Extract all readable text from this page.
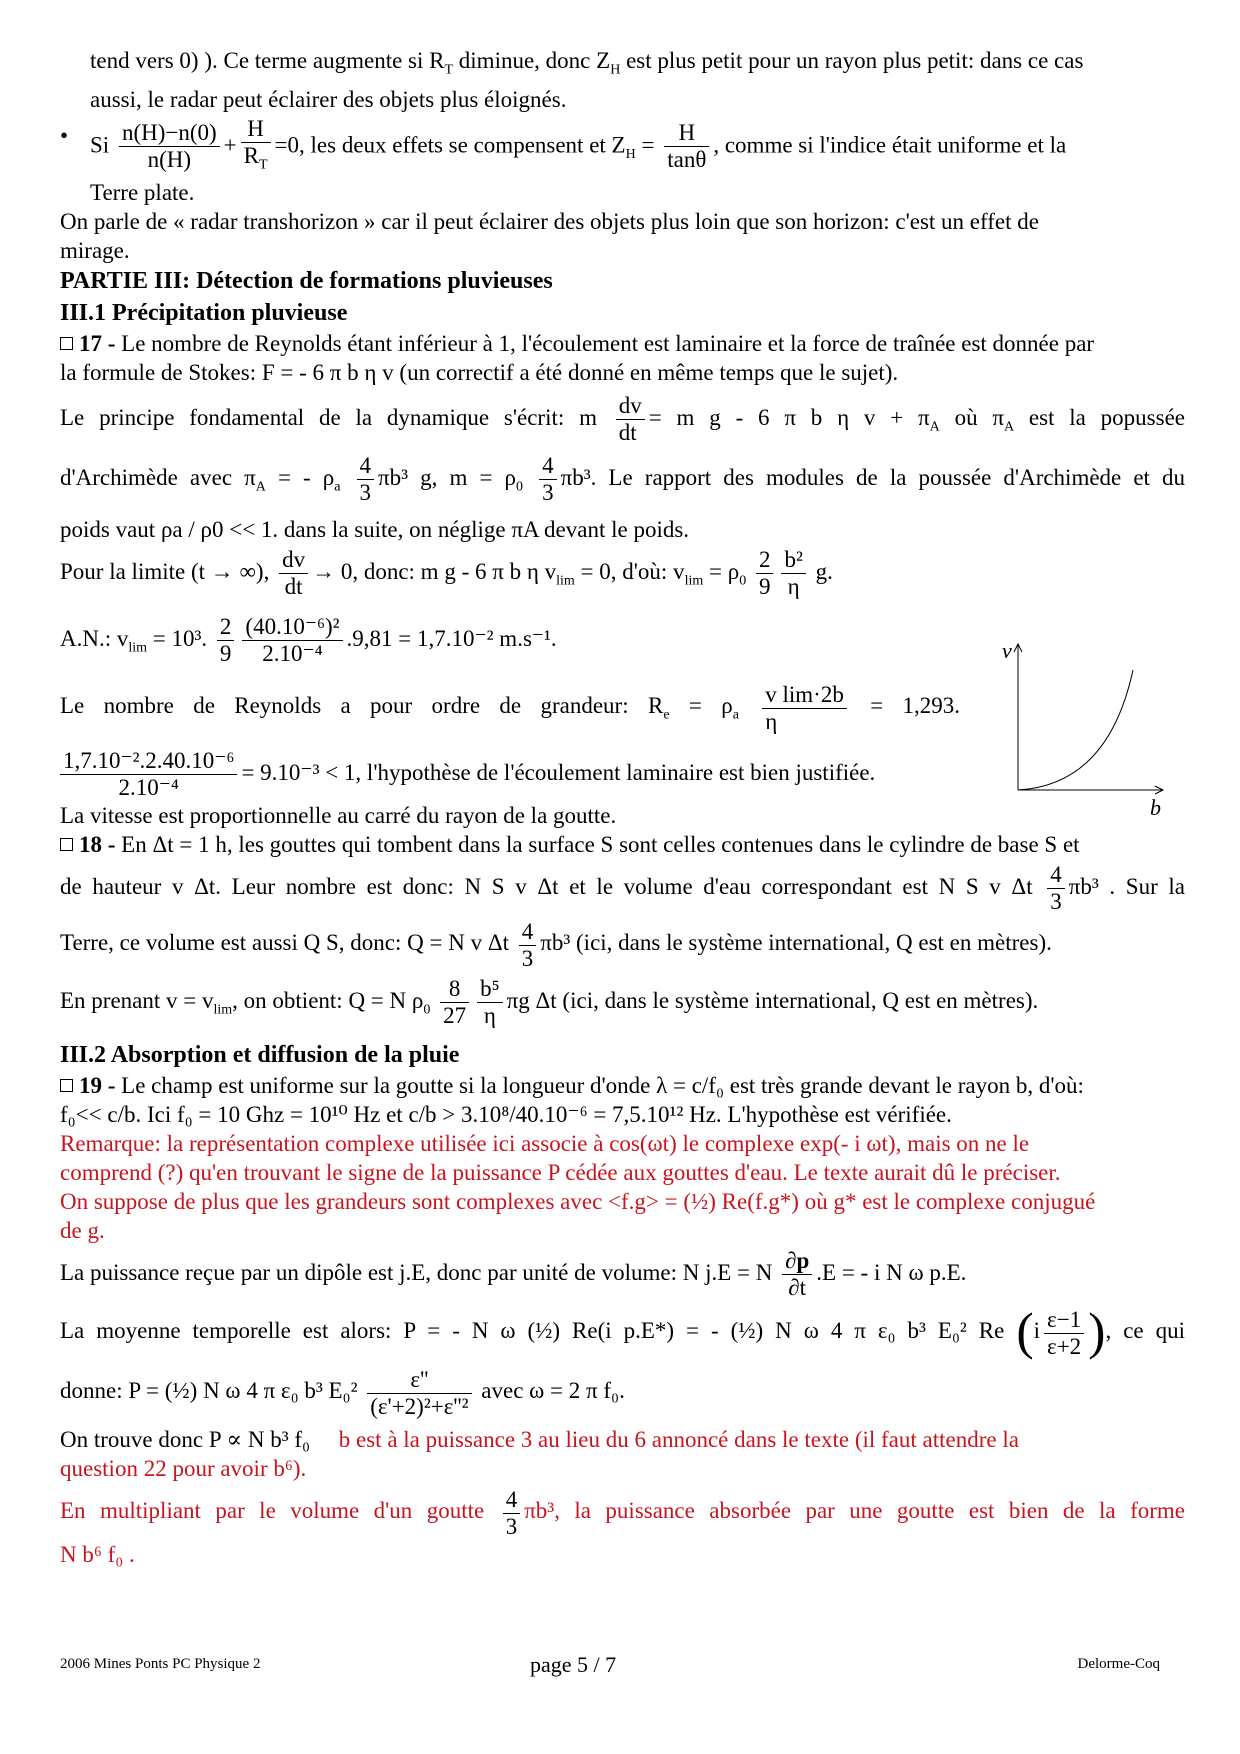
tend vers 0) ). Ce terme augmente si $R_T$ diminue, donc $Z_H$ est plus petit pour un rayon plus petit: dans ce cas
aussi, le radar peut éclairer des objets plus éloignés.

• Si $\frac{n(H)-n(0)}{n(H)} + \frac{H}{R_T} =0$, les deux effets se compensent et $Z_H = \frac{H}{\tan\theta}$ , comme si l'indice était uniforme et la

Terre plate.

On parle de « radar transhorizon » car il peut éclairer des objets plus loin que son horizon: c'est un effet de
mirage.

PARTIE III: Détection de formations pluvieuses

III.1 Précipitation pluvieuse

17 - Le nombre de Reynolds étant inférieur à 1, l'écoulement est laminaire et la force de traînée est donnée par
la formule de Stokes: F = - 6 π b η v (un correctif a été donné en même temps que le sujet).

Le principe fondamental de la dynamique s'écrit: m $\frac{dv}{dt} = m$ g - 6 π b η $v + \pi_A$ où $\pi_A$ est la popussée
d'Archimède avec $\pi_A$ = - $\rho_a \frac{4}{3} \pi b^3$ g, $m = \rho_0 \frac{4}{3} \pi b^3$. Le rapport des modules de la poussée d'Archimède et du

poids vaut ρa / ρ0 << 1. dans la suite, on néglige πA devant le poids.

Pour la limite (t → ∞), $\frac{dv}{dt} \to 0$, donc: m g - 6 π b η $v_{lim} = 0$, d'où: $v_{lim} = \rho_0 \frac{2}{9} \frac{\text{b²}}{\eta} g$.
A.N.: $v_{lim} = 10^3$. $\frac{2}{9} \frac{\text{(40.10⁻⁶)²}}{\text{2.10⁻⁴}} .9,81 = 1,7.10^{-2}$ m.s⁻¹.
Le nombre de Reynolds a pour ordre de grandeur: $R_e = \rho_a \frac{\text{v lim·2b}}{\eta} = 1,293$.
$\frac{\text{1,7.10⁻².2.40.10⁻⁶}}{\text{2.10⁻⁴}} = 9.10^{-3} < 1$, l'hypothèse de l'écoulement laminaire est bien justifiée.

La vitesse est proportionnelle au carré du rayon de la goutte.

18 - En Δt = 1 h, les gouttes qui tombent dans la surface S sont celles contenues dans le cylindre de base S et

de hauteur v Δt. Leur nombre est donc: N S v Δt et le volume d'eau correspondant est N S v Δt $\frac{4}{3} \pi b^3$ . Sur la
Terre, ce volume est aussi Q S, donc: Q = N v Δt $\frac{4}{3} \pi b^3$ (ici, dans le système international, Q est en mètres).
En prenant $v = v_{lim}$, on obtient: Q = N $\rho_0 \frac{8}{27} \frac{\text{b⁵}}{\eta}$ πg Δt (ici, dans le système international, Q est en mètres).

III.2 Absorption et diffusion de la pluie

19 - Le champ est uniforme sur la goutte si la longueur d'onde λ = c/f₀ est très grande devant le rayon b, d'où:
f₀<< c/b. Ici f₀ = 10 Ghz = 10¹⁰ Hz et c/b > 3.10⁸/40.10⁻⁶ = 7,5.10¹² Hz. L'hypothèse est vérifiée.

Remarque: la représentation complexe utilisée ici associe à cos(ωt) le complexe exp(- i ωt), mais on ne le
comprend (?) qu'en trouvant le signe de la puissance P cédée aux gouttes d'eau. Le texte aurait dû le préciser.
On suppose de plus que les grandeurs sont complexes avec <f.g> = (½) Re(f.g*) où g* est le complexe conjugué
de g.

La puissance reçue par un dipôle est j.E, donc par unité de volume: N j.E = N $\frac{\partial p}{\partial t} .E$ = - i N ω p.E.
La moyenne temporelle est alors: P = - N ω (½) Re(i p.E*) = - (½) N ω 4 π ε₀ b³ E₀² Re ($i \frac{\varepsilon-1}{\varepsilon+2}$ ), ce qui
donne: P = (½) N ω 4 π ε₀ b³ $E_0^2 \frac{\varepsilon''}{\text{(ε'+2)²+ε''²}}$ avec ω = 2 π f₀.

On trouve donc P ∝ N b³ f₀ b est à la puissance 3 au lieu du 6 annoncé dans le texte (il faut attendre la
question 22 pour avoir b⁶).

En multipliant par le volume d'un goutte $\frac{4}{3} \pi b^3$, la puissance absorbée par une goutte est bien de la forme

N b⁶ f₀ .

v
b
2006 Mines Ponts PC Physique 2	page 5 / 7	Delorme-Coq
